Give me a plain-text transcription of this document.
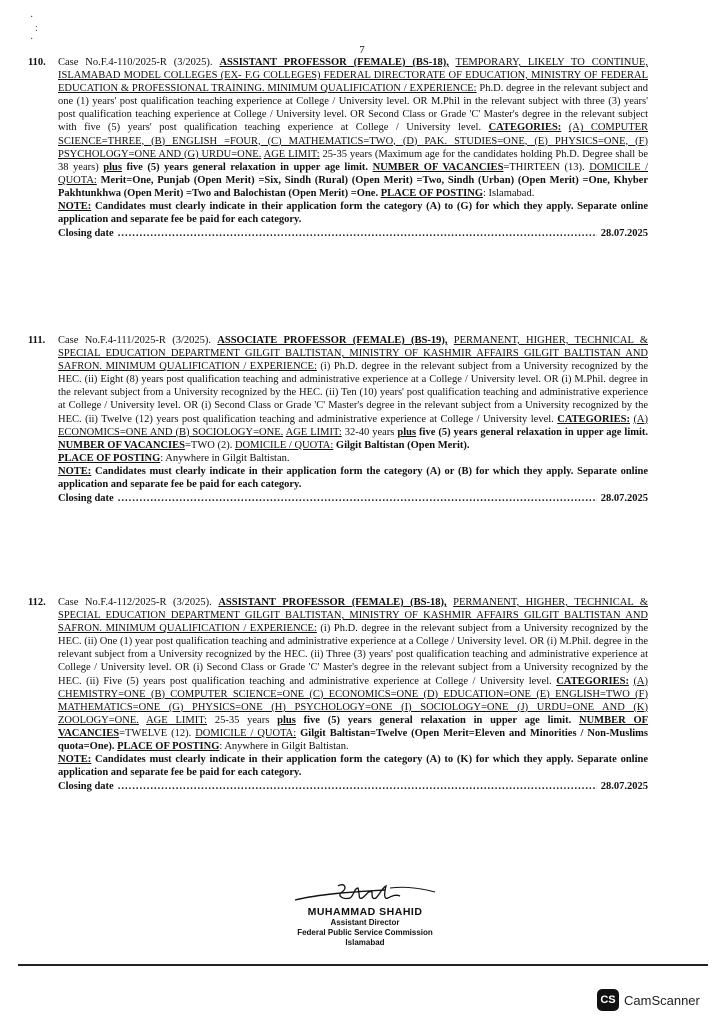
·
:
·
7
110. Case No.F.4-110/2025-R (3/2025). ASSISTANT PROFESSOR (FEMALE) (BS-18), TEMPORARY, LIKELY TO CONTINUE, ISLAMABAD MODEL COLLEGES (EX- F.G COLLEGES) FEDERAL DIRECTORATE OF EDUCATION, MINISTRY OF FEDERAL EDUCATION & PROFESSIONAL TRAINING. MINIMUM QUALIFICATION / EXPERIENCE: Ph.D. degree in the relevant subject and one (1) years' post qualification teaching experience at College / University level. OR M.Phil in the relevant subject with three (3) years' post qualification teaching experience at College / University level. OR Second Class or Grade 'C' Master's degree in the relevant subject with five (5) years' post qualification teaching experience at College / University level. CATEGORIES: (A) COMPUTER SCIENCE=THREE, (B) ENGLISH =FOUR, (C) MATHEMATICS=TWO, (D) PAK. STUDIES=ONE, (E) PHYSICS=ONE, (F) PSYCHOLOGY=ONE AND (G) URDU=ONE. AGE LIMIT: 25-35 years (Maximum age for the candidates holding Ph.D. Degree shall be 38 years) plus five (5) years general relaxation in upper age limit. NUMBER OF VACANCIES=THIRTEEN (13). DOMICILE / QUOTA: Merit=One, Punjab (Open Merit) =Six, Sindh (Rural) (Open Merit) =Two, Sindh (Urban) (Open Merit) =One, Khyber Pakhtunkhwa (Open Merit) =Two and Balochistan (Open Merit) =One. PLACE OF POSTING: Islamabad.

NOTE: Candidates must clearly indicate in their application form the category (A) to (G) for which they apply. Separate online application and separate fee be paid for each category.

Closing date .....	28.07.2025
111. Case No.F.4-111/2025-R (3/2025). ASSOCIATE PROFESSOR (FEMALE) (BS-19), PERMANENT, HIGHER, TECHNICAL & SPECIAL EDUCATION DEPARTMENT GILGIT BALTISTAN, MINISTRY OF KASHMIR AFFAIRS GILGIT BALTISTAN AND SAFRON. MINIMUM QUALIFICATION / EXPERIENCE: (i) Ph.D. degree in the relevant subject from a University recognized by the HEC. (ii) Eight (8) years post qualification teaching and administrative experience at a College / University level. OR (i) M.Phil. degree in the relevant subject from a University recognized by the HEC. (ii) Ten (10) years' post qualification teaching and administrative experience at College / University level. OR (i) Second Class or Grade 'C' Master's degree in the relevant subject from a University recognized by the HEC. (ii) Twelve (12) years post qualification teaching and administrative experience at College / University level. CATEGORIES: (A) ECONOMICS=ONE AND (B) SOCIOLOGY=ONE. AGE LIMIT: 32-40 years plus five (5) years general relaxation in upper age limit. NUMBER OF VACANCIES=TWO (2). DOMICILE / QUOTA: Gilgit Baltistan (Open Merit).
PLACE OF POSTING: Anywhere in Gilgit Baltistan.

NOTE: Candidates must clearly indicate in their application form the category (A) or (B) for which they apply. Separate online application and separate fee be paid for each category.

Closing date .....	28.07.2025
112. Case No.F.4-112/2025-R (3/2025). ASSISTANT PROFESSOR (FEMALE) (BS-18), PERMANENT, HIGHER, TECHNICAL & SPECIAL EDUCATION DEPARTMENT GILGIT BALTISTAN, MINISTRY OF KASHMIR AFFAIRS GILGIT BALTISTAN AND SAFRON. MINIMUM QUALIFICATION / EXPERIENCE: (i) Ph.D. degree in the relevant subject from a University recognized by the HEC. (ii) One (1) year post qualification teaching and administrative experience at a College / University level. OR (i) M.Phil. degree in the relevant subject from a University recognized by the HEC. (ii) Three (3) years' post qualification teaching and administrative experience at College / University level. OR (i) Second Class or Grade 'C' Master's degree in the relevant subject from a University recognized by the HEC. (ii) Five (5) years post qualification teaching and administrative experience at College / University level. CATEGORIES: (A) CHEMISTRY=ONE (B) COMPUTER SCIENCE=ONE (C) ECONOMICS=ONE (D) EDUCATION=ONE (E) ENGLISH=TWO (F) MATHEMATICS=ONE (G) PHYSICS=ONE (H) PSYCHOLOGY=ONE (I) SOCIOLOGY=ONE (J) URDU=ONE AND (K) ZOOLOGY=ONE. AGE LIMIT: 25-35 years plus five (5) years general relaxation in upper age limit. NUMBER OF VACANCIES=TWELVE (12). DOMICILE / QUOTA: Gilgit Baltistan=Twelve (Open Merit=Eleven and Minorities / Non-Muslims quota=One). PLACE OF POSTING: Anywhere in Gilgit Baltistan.

NOTE: Candidates must clearly indicate in their application form the category (A) to (K) for which they apply. Separate online application and separate fee be paid for each category.

Closing date .....	28.07.2025
MUHAMMAD SHAHID
Assistant Director
Federal Public Service Commission
Islamabad
CS CamScanner
